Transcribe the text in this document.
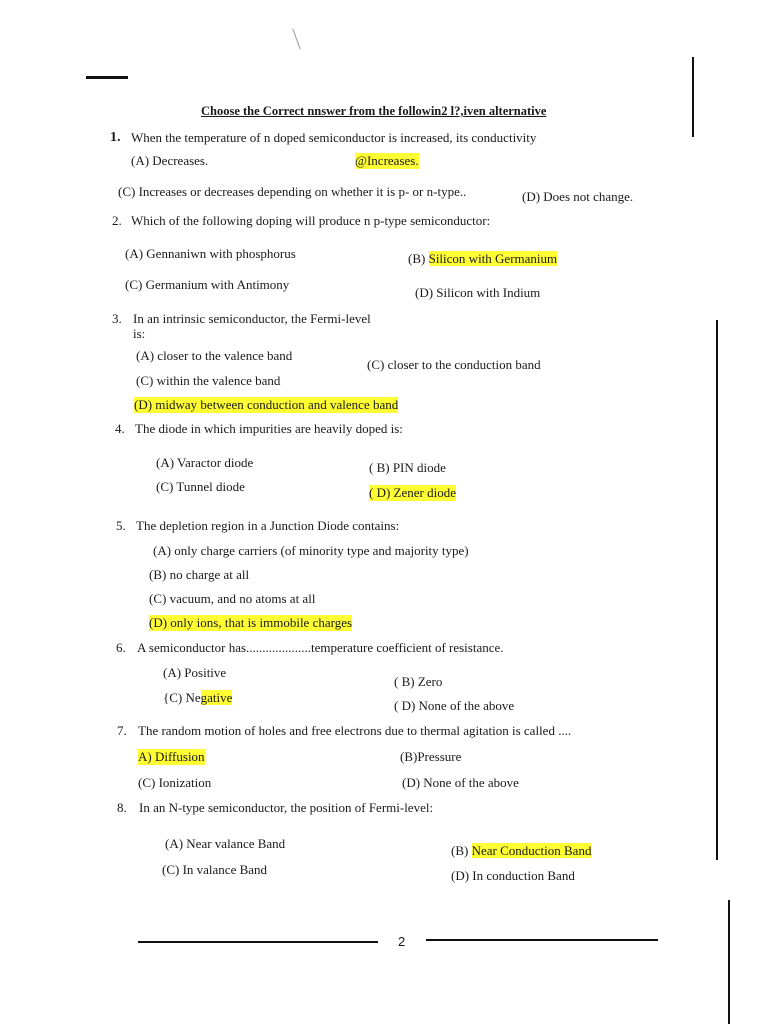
Choose the Correct nnswer from the followin2 l?,iven alternative
1. When the temperature of n doped semiconductor is increased, its conductivity
(A) Decreases.	@Increases.
(C) Increases or decreases depending on whether it is p- or n-type..	(D) Does not change.
2. Which of the following doping will produce n p-type semiconductor:
(A) Gennaniwn with phosphorus	(B) Silicon with Germanium
(C) Germanium with Antimony
(D) Silicon with Indium
3. In an intrinsic semiconductor, the Fermi-level
is:
(A) closer to the valence band
(C) closer to the conduction band
(C) within the valence band
(D) midway between conduction and valence band
4. The diode in which impurities are heavily doped is:
(A) Varactor diode	( B) PIN diode
(C) Tunnel diode	( D) Zener diode
5. The depletion region in a Junction Diode contains:
(A) only charge carriers (of minority type and majority type)
(B) no charge at all
(C) vacuum, and no atoms at all
(D) only ions, that is immobile charges
6. A semiconductor has....................temperature coefficient of resistance.
(A) Positive
( B) Zero
{C) Negative
( D) None of the above
7. The random motion of holes and free electrons due to thermal agitation is called ....
A) Diffusion	(B)Pressure
(C) Ionization	(D) None of the above
8. In an N-type semiconductor, the position of Fermi-level:
(A) Near valance Band	(B) Near Conduction Band
(C) In valance Band	(D) In conduction Band
2
